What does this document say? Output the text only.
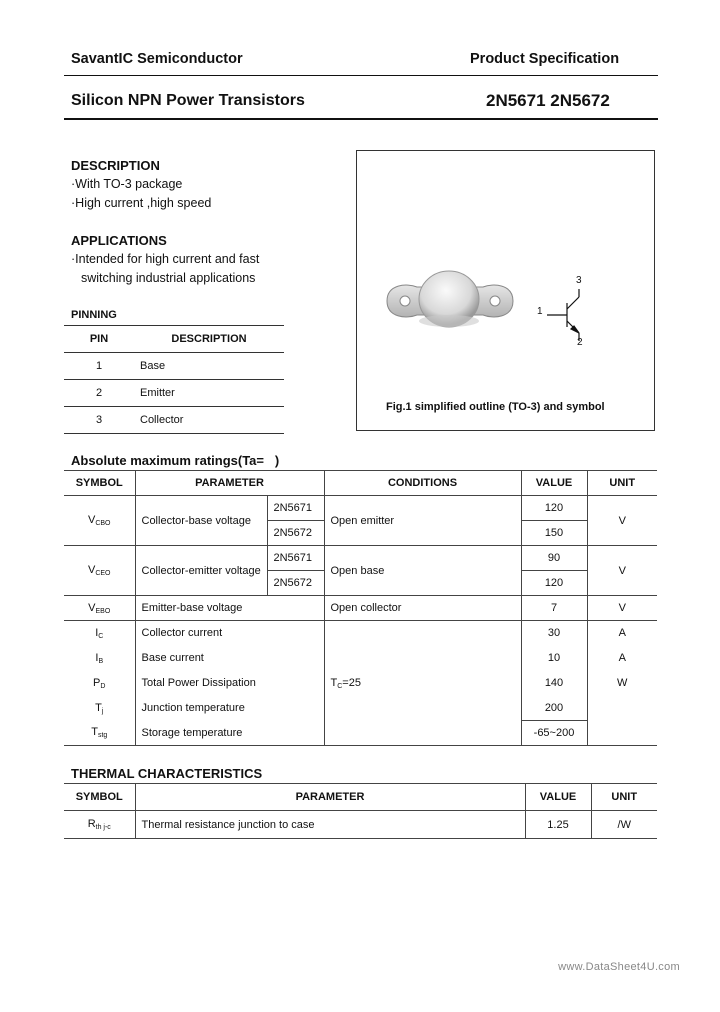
SavantIC Semiconductor	Product Specification
Silicon NPN Power Transistors	2N5671 2N5672
DESCRIPTION
·With TO-3 package
·High current ,high speed
APPLICATIONS
·Intended for high current and fast
switching industrial applications
PINNING
PIN	DESCRIPTION
1	Base
2	Emitter
3	Collector
1
2
3
Fig.1 simplified outline (TO-3) and symbol
Absolute maximum ratings(Ta= )
SYMBOL	PARAMETER		CONDITIONS	VALUE	UNIT
$V_{CBO}$	Collector-base voltage	2N5671	Open emitter	120	V
		2N5672		150	
$V_{CEO}$	Collector-emitter voltage	2N5671	Open base	90	V
		2N5672		120	
$V_{EBO}$	Emitter-base voltage		Open collector	7	V
$I_C$	Collector current		$T_C=25$	30	A
$I_B$	Base current			10	A
$P_D$	Total Power Dissipation			140	W
$T_j$	Junction temperature			200	
$T_{stg}$	Storage temperature			-65~200	
THERMAL CHARACTERISTICS
SYMBOL	PARAMETER	VALUE	UNIT
$R_{th j-c}$	Thermal resistance junction to case	1.25	/W
www.DataSheet4U.com
